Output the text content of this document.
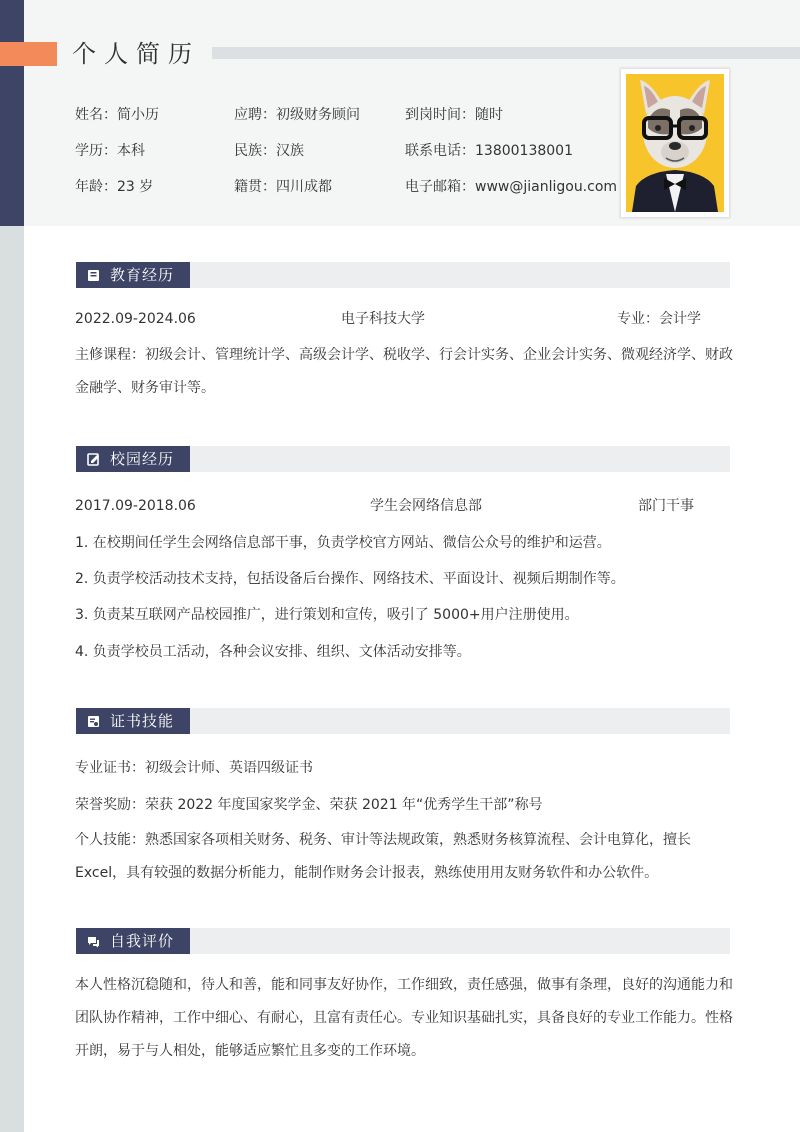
个人简历
姓名：简小历	应聘：初级财务顾问	到岗时间：随时
学历：本科	民族：汉族	联系电话：13800138001
年龄：23 岁	籍贯：四川成都	电子邮箱：www@jianligou.com
教育经历
2022.09-2024.06	电子科技大学	专业：会计学
主修课程：初级会计、管理统计学、高级会计学、税收学、行会计实务、企业会计实务、微观经济学、财政金融学、财务审计等。
校园经历
2017.09-2018.06	学生会网络信息部	部门干事
1. 在校期间任学生会网络信息部干事，负责学校官方网站、微信公众号的维护和运营。
2. 负责学校活动技术支持，包括设备后台操作、网络技术、平面设计、视频后期制作等。
3. 负责某互联网产品校园推广，进行策划和宣传，吸引了 5000+用户注册使用。
4. 负责学校员工活动，各种会议安排、组织、文体活动安排等。
证书技能
专业证书：初级会计师、英语四级证书
荣誉奖励：荣获 2022 年度国家奖学金、荣获 2021 年“优秀学生干部”称号
个人技能：熟悉国家各项相关财务、税务、审计等法规政策，熟悉财务核算流程、会计电算化，擅长 Excel，具有较强的数据分析能力，能制作财务会计报表，熟练使用用友财务软件和办公软件。
自我评价
本人性格沉稳随和，待人和善，能和同事友好协作，工作细致，责任感强，做事有条理，良好的沟通能力和团队协作精神，工作中细心、有耐心，且富有责任心。专业知识基础扎实，具备良好的专业工作能力。性格开朗，易于与人相处，能够适应繁忙且多变的工作环境。
